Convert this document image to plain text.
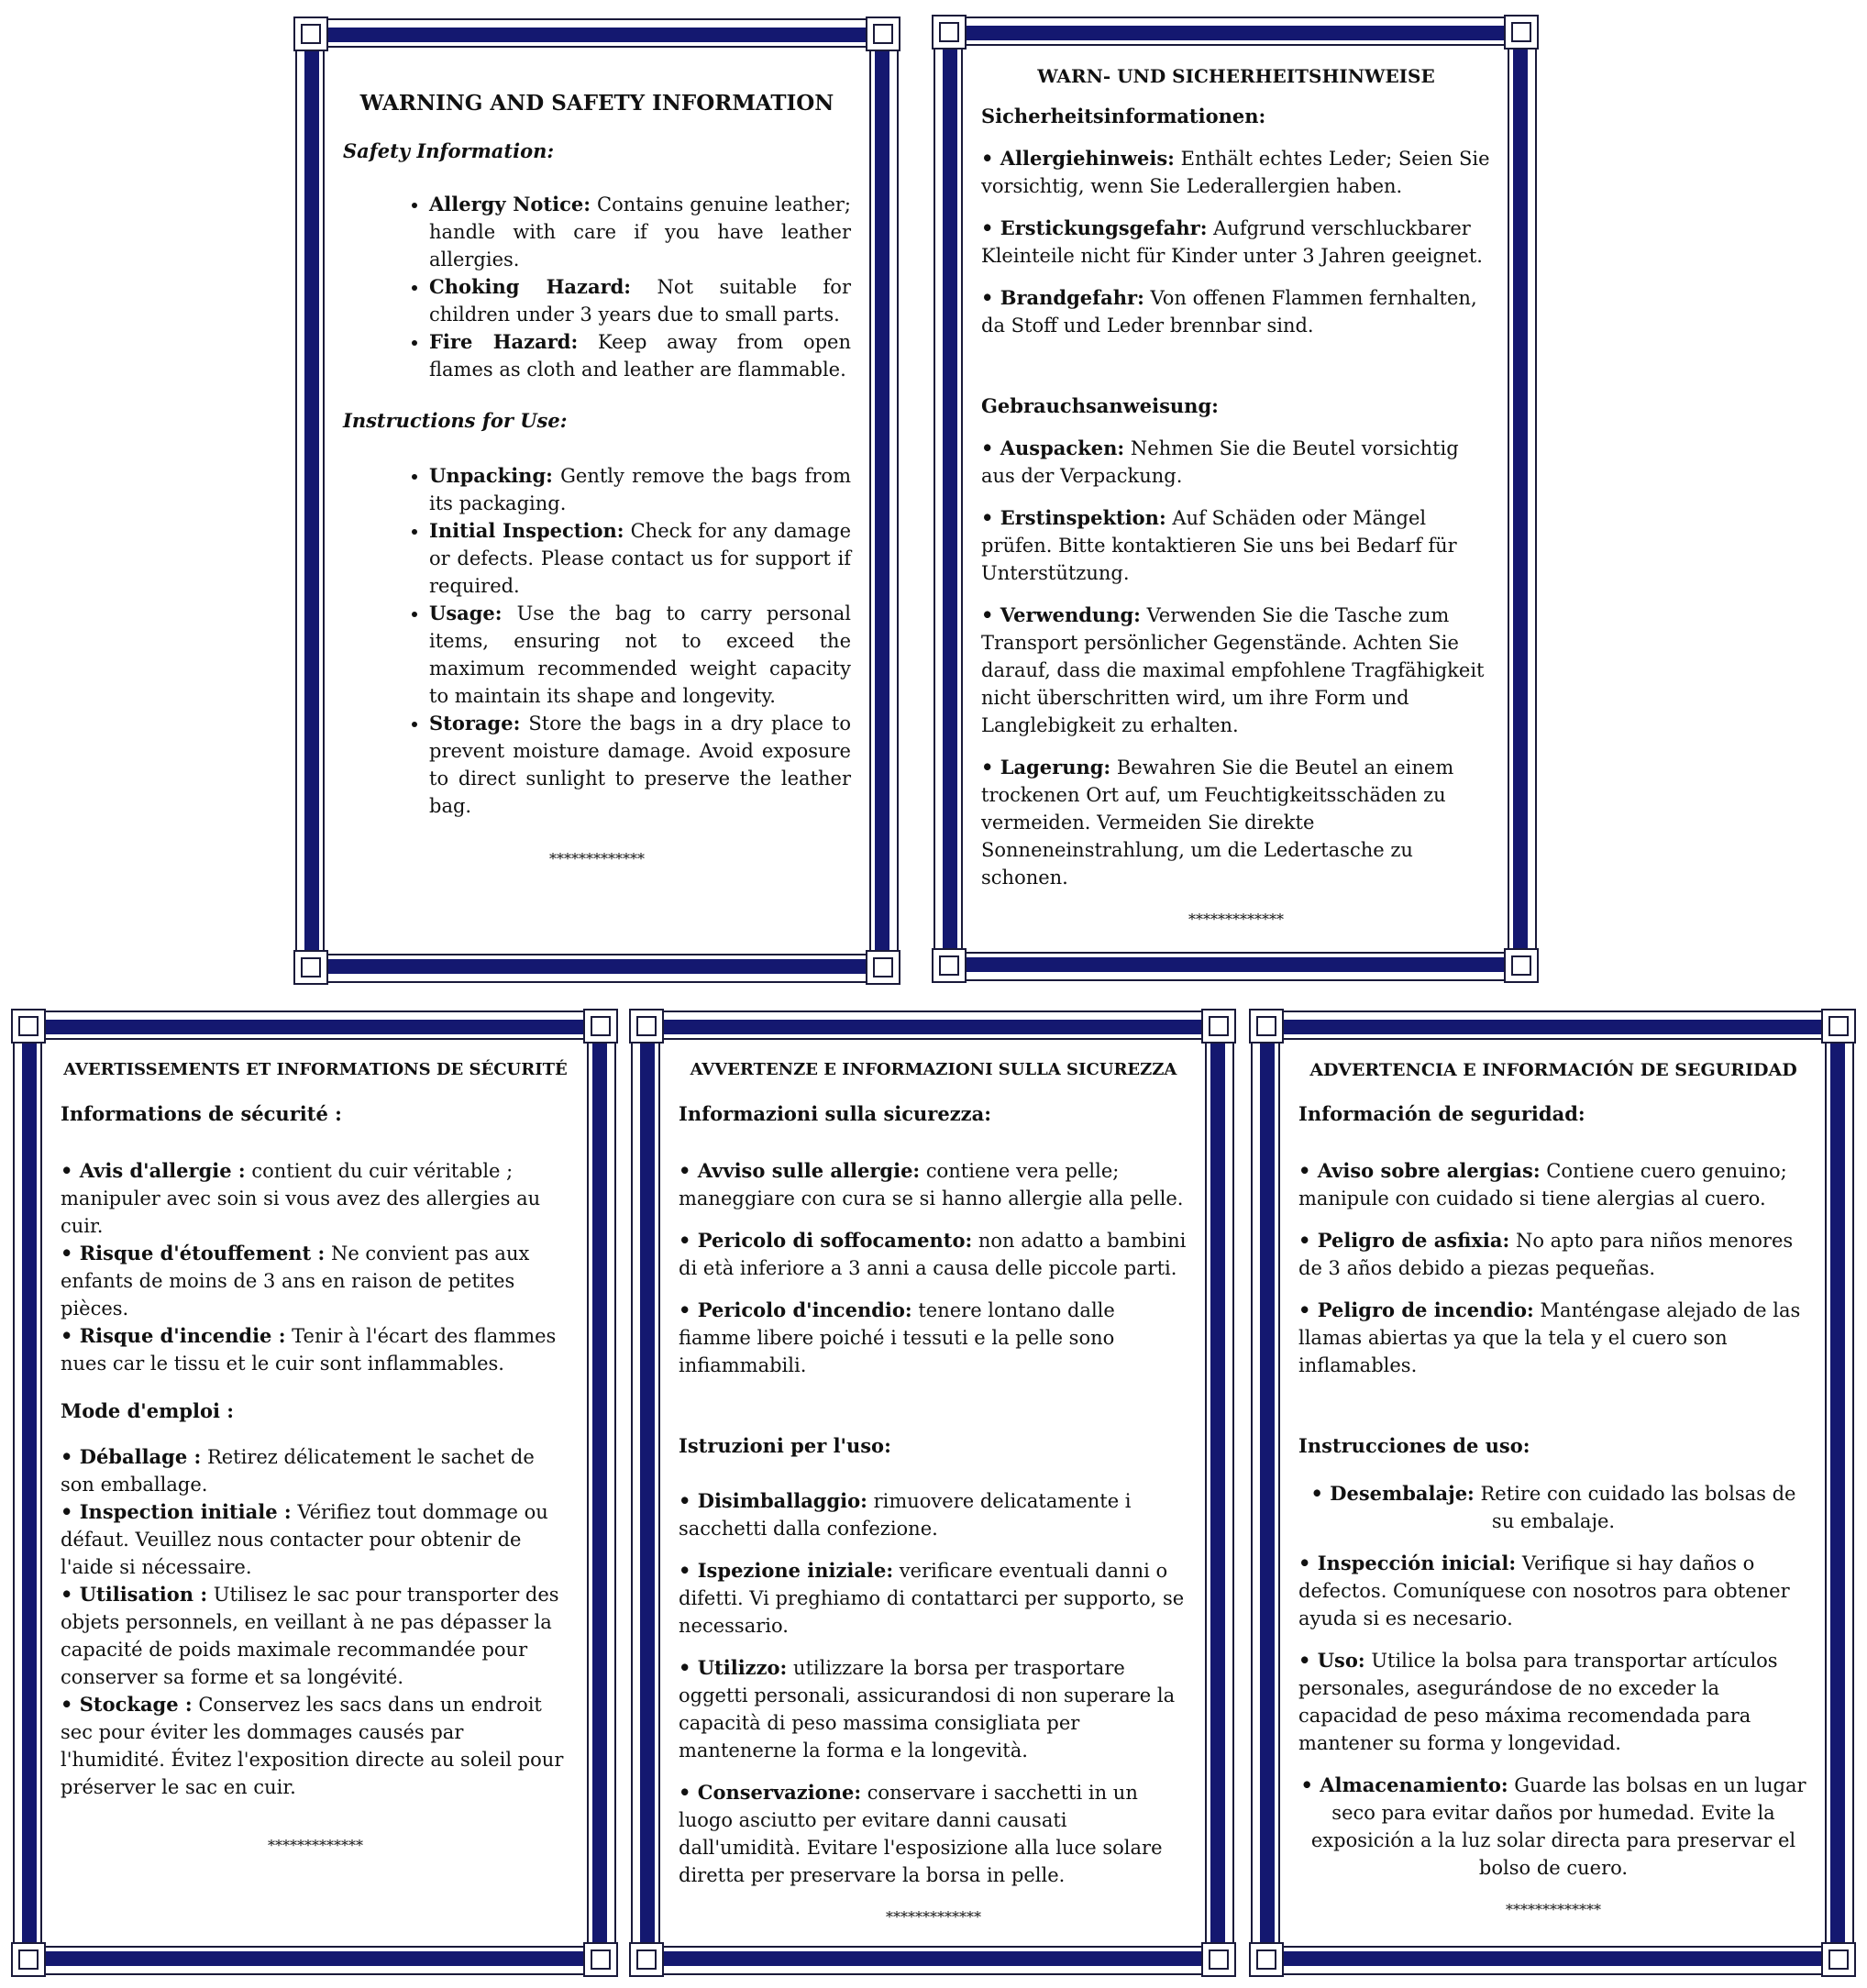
WARNING AND SAFETY INFORMATION
Safety Information:
• Allergy Notice: Contains genuine leather; handle with care if you have leather allergies.
• Choking Hazard: Not suitable for children under 3 years due to small parts.
• Fire Hazard: Keep away from open flames as cloth and leather are flammable.
Instructions for Use:
• Unpacking: Gently remove the bags from its packaging.
• Initial Inspection: Check for any damage or defects. Please contact us for support if required.
• Usage: Use the bag to carry personal items, ensuring not to exceed the maximum recommended weight capacity to maintain its shape and longevity.
• Storage: Store the bags in a dry place to prevent moisture damage. Avoid exposure to direct sunlight to preserve the leather bag.
*************
WARN- UND SICHERHEITSHINWEISE
Sicherheitsinformationen:

• Allergiehinweis: Enthält echtes Leder; Seien Sie vorsichtig, wenn Sie Lederallergien haben.

• Erstickungsgefahr: Aufgrund verschluckbarer Kleinteile nicht für Kinder unter 3 Jahren geeignet.

• Brandgefahr: Von offenen Flammen fernhalten, da Stoff und Leder brennbar sind.

Gebrauchsanweisung:

• Auspacken: Nehmen Sie die Beutel vorsichtig aus der Verpackung.

• Erstinspektion: Auf Schäden oder Mängel prüfen. Bitte kontaktieren Sie uns bei Bedarf für Unterstützung.

• Verwendung: Verwenden Sie die Tasche zum Transport persönlicher Gegenstände. Achten Sie darauf, dass die maximal empfohlene Tragfähigkeit nicht überschritten wird, um ihre Form und Langlebigkeit zu erhalten.

• Lagerung: Bewahren Sie die Beutel an einem trockenen Ort auf, um Feuchtigkeitsschäden zu vermeiden. Vermeiden Sie direkte Sonneneinstrahlung, um die Ledertasche zu schonen.

*************
AVERTISSEMENTS ET INFORMATIONS DE SÉCURITÉ
Informations de sécurité :

• Avis d'allergie : contient du cuir véritable ; manipuler avec soin si vous avez des allergies au cuir.

• Risque d'étouffement : Ne convient pas aux enfants de moins de 3 ans en raison de petites pièces.

• Risque d'incendie : Tenir à l'écart des flammes nues car le tissu et le cuir sont inflammables.

Mode d'emploi :

• Déballage : Retirez délicatement le sachet de son emballage.

• Inspection initiale : Vérifiez tout dommage ou défaut. Veuillez nous contacter pour obtenir de l'aide si nécessaire.

• Utilisation : Utilisez le sac pour transporter des objets personnels, en veillant à ne pas dépasser la capacité de poids maximale recommandée pour conserver sa forme et sa longévité.

• Stockage : Conservez les sacs dans un endroit sec pour éviter les dommages causés par l'humidité. Évitez l'exposition directe au soleil pour préserver le sac en cuir.

*************
AVVERTENZE E INFORMAZIONI SULLA SICUREZZA
Informazioni sulla sicurezza:

• Avviso sulle allergie: contiene vera pelle; maneggiare con cura se si hanno allergie alla pelle.

• Pericolo di soffocamento: non adatto a bambini di età inferiore a 3 anni a causa delle piccole parti.

• Pericolo d'incendio: tenere lontano dalle fiamme libere poiché i tessuti e la pelle sono infiammabili.

Istruzioni per l'uso:

• Disimballaggio: rimuovere delicatamente i sacchetti dalla confezione.

• Ispezione iniziale: verificare eventuali danni o difetti. Vi preghiamo di contattarci per supporto, se necessario.

• Utilizzo: utilizzare la borsa per trasportare oggetti personali, assicurandosi di non superare la capacità di peso massima consigliata per mantenerne la forma e la longevità.

• Conservazione: conservare i sacchetti in un luogo asciutto per evitare danni causati dall'umidità. Evitare l'esposizione alla luce solare diretta per preservare la borsa in pelle.

*************
ADVERTENCIA E INFORMACIÓN DE SEGURIDAD
Información de seguridad:

• Aviso sobre alergias: Contiene cuero genuino; manipule con cuidado si tiene alergias al cuero.

• Peligro de asfixia: No apto para niños menores de 3 años debido a piezas pequeñas.

• Peligro de incendio: Manténgase alejado de las llamas abiertas ya que la tela y el cuero son inflamables.

Instrucciones de uso:

• Desembalaje: Retire con cuidado las bolsas de su embalaje.

• Inspección inicial: Verifique si hay daños o defectos. Comuníquese con nosotros para obtener ayuda si es necesario.

• Uso: Utilice la bolsa para transportar artículos personales, asegurándose de no exceder la capacidad de peso máxima recomendada para mantener su forma y longevidad.

• Almacenamiento: Guarde las bolsas en un lugar seco para evitar daños por humedad. Evite la exposición a la luz solar directa para preservar el bolso de cuero.

*************
